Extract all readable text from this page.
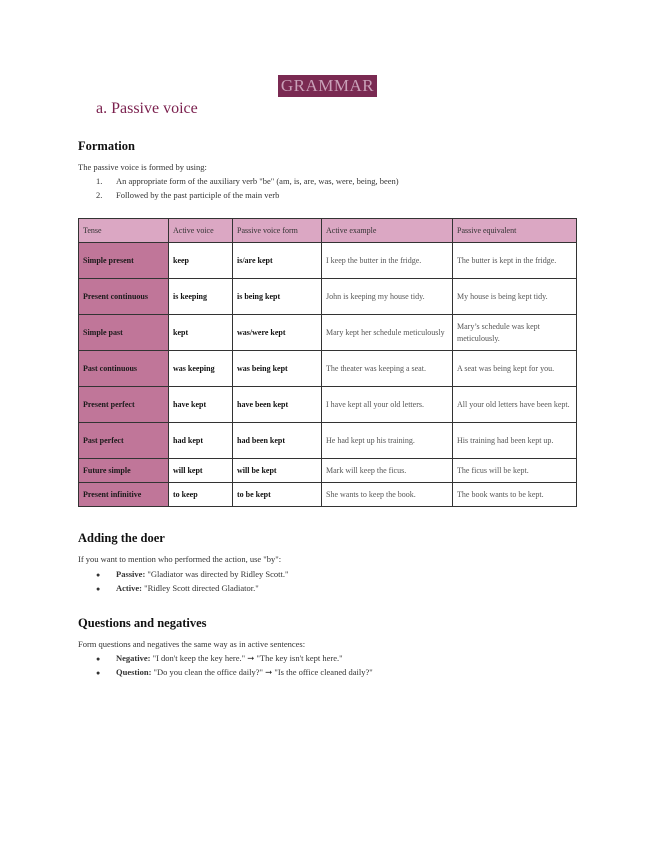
GRAMMAR
a. Passive voice
Formation
The passive voice is formed by using:
1. An appropriate form of the auxiliary verb "be" (am, is, are, was, were, being, been)
2. Followed by the past participle of the main verb
Tense	Active voice	Passive voice form	Active example	Passive equivalent
Simple present	keep	is/are kept	I keep the butter in the fridge.	The butter is kept in the fridge.
Present continuous	is keeping	is being kept	John is keeping my house tidy.	My house is being kept tidy.
Simple past	kept	was/were kept	Mary kept her schedule meticulously	Mary’s schedule was kept meticulously.
Past continuous	was keeping	was being kept	The theater was keeping a seat.	A seat was being kept for you.
Present perfect	have kept	have been kept	I have kept all your old letters.	All your old letters have been kept.
Past perfect	had kept	had been kept	He had kept up his training.	His training had been kept up.
Future simple	will kept	will be kept	Mark will keep the ficus.	The ficus will be kept.
Present infinitive	to keep	to be kept	She wants to keep the book.	The book wants to be kept.
Adding the doer
If you want to mention who performed the action, use "by":
● Passive: "Gladiator was directed by Ridley Scott."
● Active: "Ridley Scott directed Gladiator."
Questions and negatives
Form questions and negatives the same way as in active sentences:
● Negative: "I don't keep the key here." ➞ "The key isn't kept here."
● Question: "Do you clean the office daily?" ➞ "Is the office cleaned daily?"
